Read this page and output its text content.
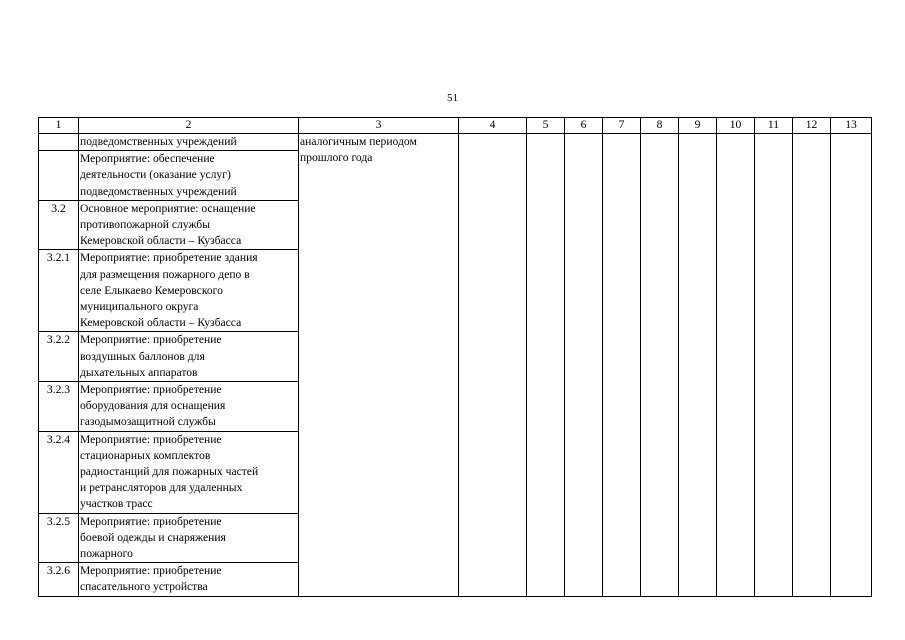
51
1	2	3	4	5	6	7	8	9	10	11	12	13

	подведомственных учреждений	аналогичным периодом
прошлого года										

	Мероприятие: обеспечение
деятельности (оказание услуг)
подведомственных учреждений											

3.2	Основное мероприятие: оснащение
противопожарной службы
Кемеровской области – Кузбасса											

3.2.1	Мероприятие: приобретение здания
для размещения пожарного депо в
селе Елыкаево Кемеровского
муниципального округа
Кемеровской области – Кузбасса											

3.2.2	Мероприятие: приобретение
воздушных баллонов для
дыхательных аппаратов											

3.2.3	Мероприятие: приобретение
оборудования для оснащения
газодымозащитной службы											

3.2.4	Мероприятие: приобретение
стационарных комплектов
радиостанций для пожарных частей
и ретрансляторов для удаленных
участков трасс											

3.2.5	Мероприятие: приобретение
боевой одежды и снаряжения
пожарного											

3.2.6	Мероприятие: приобретение
спасательного устройства											
